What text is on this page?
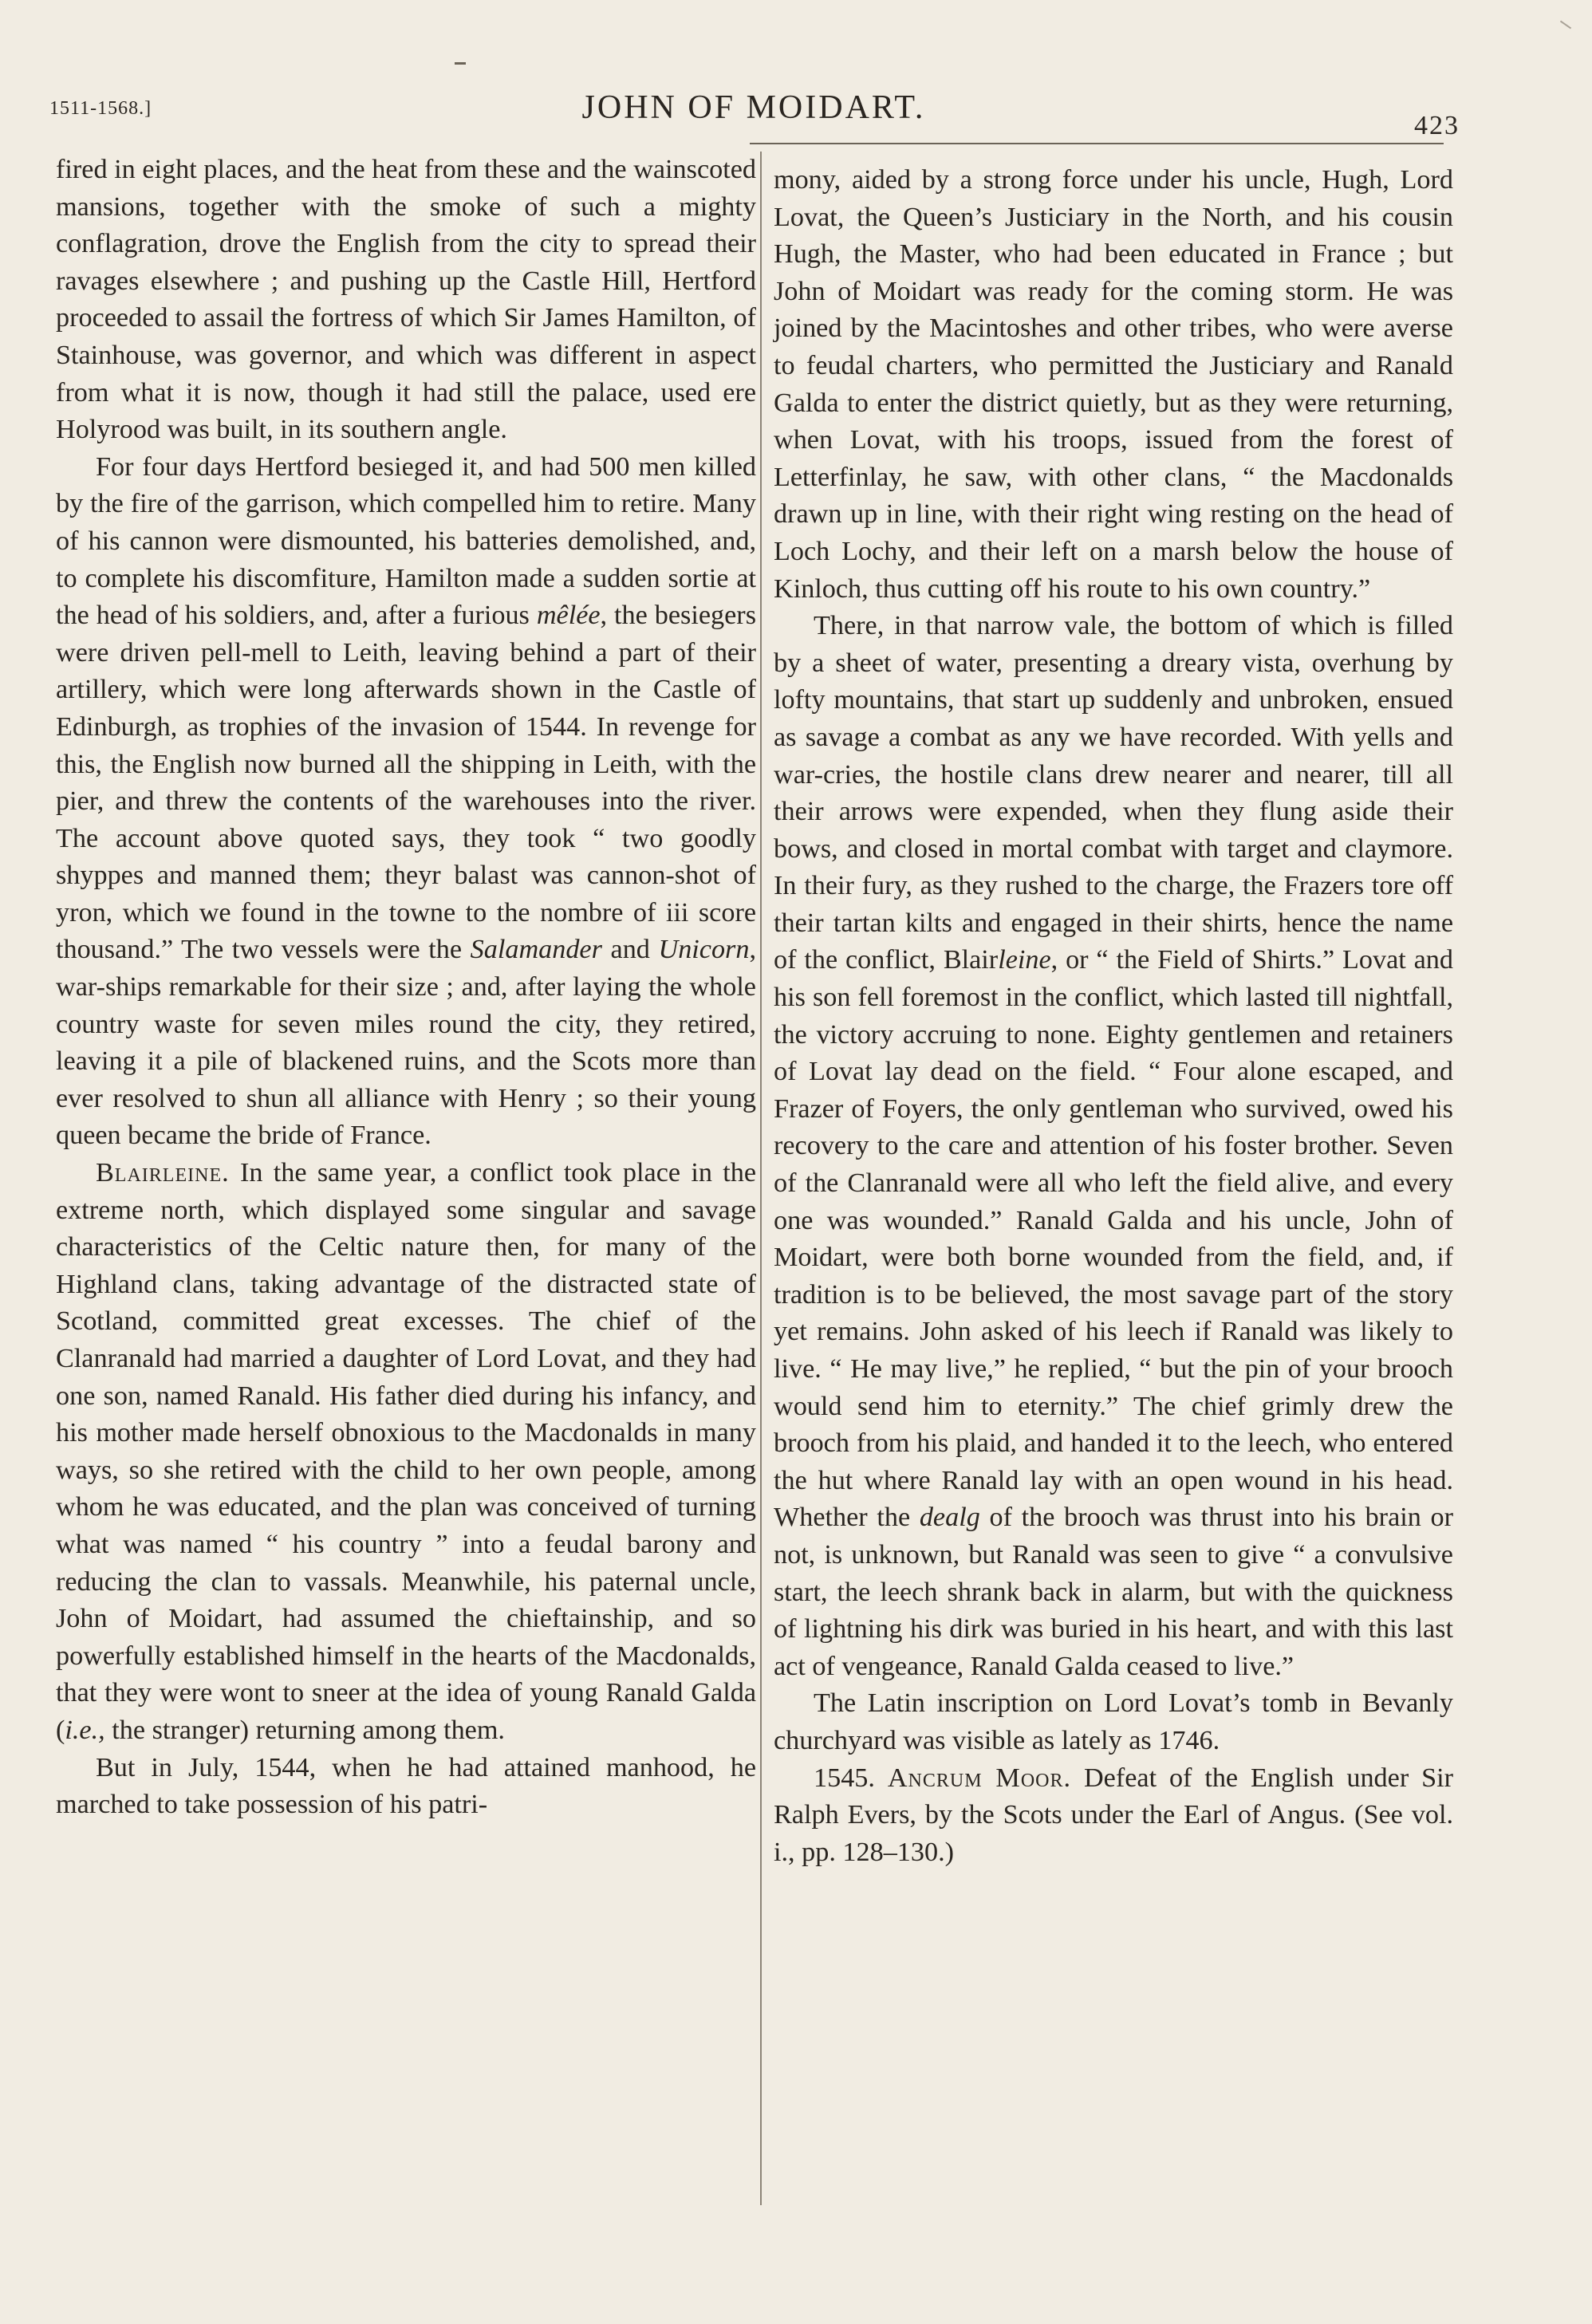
1511-1568.]	JOHN OF MOIDART.	423

fired in eight places, and the heat from these and the wainscoted mansions, together with the smoke of such a mighty conflagration, drove the English from the city to spread their ravages elsewhere ; and pushing up the Castle Hill, Hertford proceeded to assail the fortress of which Sir James Hamilton, of Stainhouse, was governor, and which was different in aspect from what it is now, though it had still the palace, used ere Holyrood was built, in its southern angle.

For four days Hertford besieged it, and had 500 men killed by the fire of the garrison, which compelled him to retire. Many of his cannon were dismounted, his batteries demolished, and, to complete his discomfiture, Hamilton made a sudden sortie at the head of his soldiers, and, after a furious mêlée, the besiegers were driven pell-mell to Leith, leaving behind a part of their artillery, which were long afterwards shown in the Castle of Edinburgh, as trophies of the invasion of 1544. In revenge for this, the English now burned all the shipping in Leith, with the pier, and threw the contents of the warehouses into the river. The account above quoted says, they took “ two goodly shyppes and manned them; theyr balast was cannon-shot of yron, which we found in the towne to the nombre of iii score thousand.” The two vessels were the Salamander and Unicorn, war-ships remarkable for their size ; and, after laying the whole country waste for seven miles round the city, they retired, leaving it a pile of blackened ruins, and the Scots more than ever resolved to shun all alliance with Henry ; so their young queen became the bride of France.

Blairleine. In the same year, a conflict took place in the extreme north, which displayed some singular and savage characteristics of the Celtic nature then, for many of the Highland clans, taking advantage of the distracted state of Scotland, committed great excesses. The chief of the Clanranald had married a daughter of Lord Lovat, and they had one son, named Ranald. His father died during his infancy, and his mother made herself obnoxious to the Macdonalds in many ways, so she retired with the child to her own people, among whom he was educated, and the plan was conceived of turning what was named “ his country ” into a feudal barony and reducing the clan to vassals. Meanwhile, his paternal uncle, John of Moidart, had assumed the chieftainship, and so powerfully established himself in the hearts of the Macdonalds, that they were wont to sneer at the idea of young Ranald Galda (i.e., the stranger) returning among them.

But in July, 1544, when he had attained manhood, he marched to take possession of his patri-

mony, aided by a strong force under his uncle, Hugh, Lord Lovat, the Queen’s Justiciary in the North, and his cousin Hugh, the Master, who had been educated in France ; but John of Moidart was ready for the coming storm. He was joined by the Macintoshes and other tribes, who were averse to feudal charters, who permitted the Justiciary and Ranald Galda to enter the district quietly, but as they were returning, when Lovat, with his troops, issued from the forest of Letterfinlay, he saw, with other clans, “ the Macdonalds drawn up in line, with their right wing resting on the head of Loch Lochy, and their left on a marsh below the house of Kinloch, thus cutting off his route to his own country.”

There, in that narrow vale, the bottom of which is filled by a sheet of water, presenting a dreary vista, overhung by lofty mountains, that start up suddenly and unbroken, ensued as savage a combat as any we have recorded. With yells and war-cries, the hostile clans drew nearer and nearer, till all their arrows were expended, when they flung aside their bows, and closed in mortal combat with target and claymore. In their fury, as they rushed to the charge, the Frazers tore off their tartan kilts and engaged in their shirts, hence the name of the conflict, Blairleine, or “ the Field of Shirts.” Lovat and his son fell foremost in the conflict, which lasted till nightfall, the victory accruing to none. Eighty gentlemen and retainers of Lovat lay dead on the field. “ Four alone escaped, and Frazer of Foyers, the only gentleman who survived, owed his recovery to the care and attention of his foster brother. Seven of the Clanranald were all who left the field alive, and every one was wounded.” Ranald Galda and his uncle, John of Moidart, were both borne wounded from the field, and, if tradition is to be believed, the most savage part of the story yet remains. John asked of his leech if Ranald was likely to live. “ He may live,” he replied, “ but the pin of your brooch would send him to eternity.” The chief grimly drew the brooch from his plaid, and handed it to the leech, who entered the hut where Ranald lay with an open wound in his head. Whether the dealg of the brooch was thrust into his brain or not, is unknown, but Ranald was seen to give “ a convulsive start, the leech shrank back in alarm, but with the quickness of lightning his dirk was buried in his heart, and with this last act of vengeance, Ranald Galda ceased to live.”

The Latin inscription on Lord Lovat’s tomb in Bevanly churchyard was visible as lately as 1746.

1545. Ancrum Moor. Defeat of the English under Sir Ralph Evers, by the Scots under the Earl of Angus. (See vol. i., pp. 128–130.)
